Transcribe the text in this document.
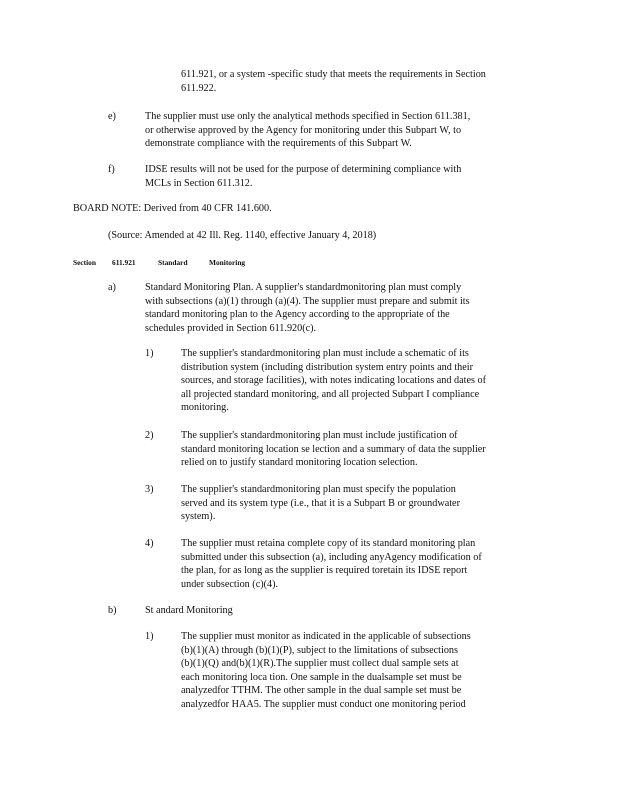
611.921, or a system -specific study that meets the requirements in Section
611.922.
e)	The supplier must use only the analytical methods specified in Section 611.381,
or otherwise approved by the Agency for monitoring under this Subpart W, to
demonstrate compliance with the requirements of this Subpart W.
f)	IDSE results will not be used for the purpose of determining compliance with
MCLs in Section 611.312.
BOARD NOTE: Derived from 40 CFR 141.600.
(Source: Amended at 42 Ill. Reg. 1140, effective January 4, 2018)
Section 611.921	Standard	Monitoring
a)	Standard Monitoring Plan. A supplier's standardmonitoring plan must comply
with subsections (a)(1) through (a)(4). The supplier must prepare and submit its
standard monitoring plan to the Agency according to the appropriate of the
schedules provided in Section 611.920(c).
1)	The supplier's standardmonitoring plan must include a schematic of its
distribution system (including distribution system entry points and their
sources, and storage facilities), with notes indicating locations and dates of
all projected standard monitoring, and all projected Subpart I compliance
monitoring.
2)	The supplier's standardmonitoring plan must include justification of
standard monitoring location se lection and a summary of data the supplier
relied on to justify standard monitoring location selection.
3)	The supplier's standardmonitoring plan must specify the population
served and its system type (i.e., that it is a Subpart B or groundwater
system).
4)	The supplier must retaina complete copy of its standard monitoring plan
submitted under this subsection (a), including anyAgency modification of
the plan, for as long as the supplier is required toretain its IDSE report
under subsection (c)(4).
b)	St andard Monitoring
1)	The supplier must monitor as indicated in the applicable of subsections
(b)(1)(A) through (b)(1)(P), subject to the limitations of subsections
(b)(1)(Q) and(b)(1)(R).The supplier must collect dual sample sets at
each monitoring loca tion. One sample in the dualsample set must be
analyzedfor TTHM. The other sample in the dual sample set must be
analyzedfor HAA5. The supplier must conduct one monitoring period
